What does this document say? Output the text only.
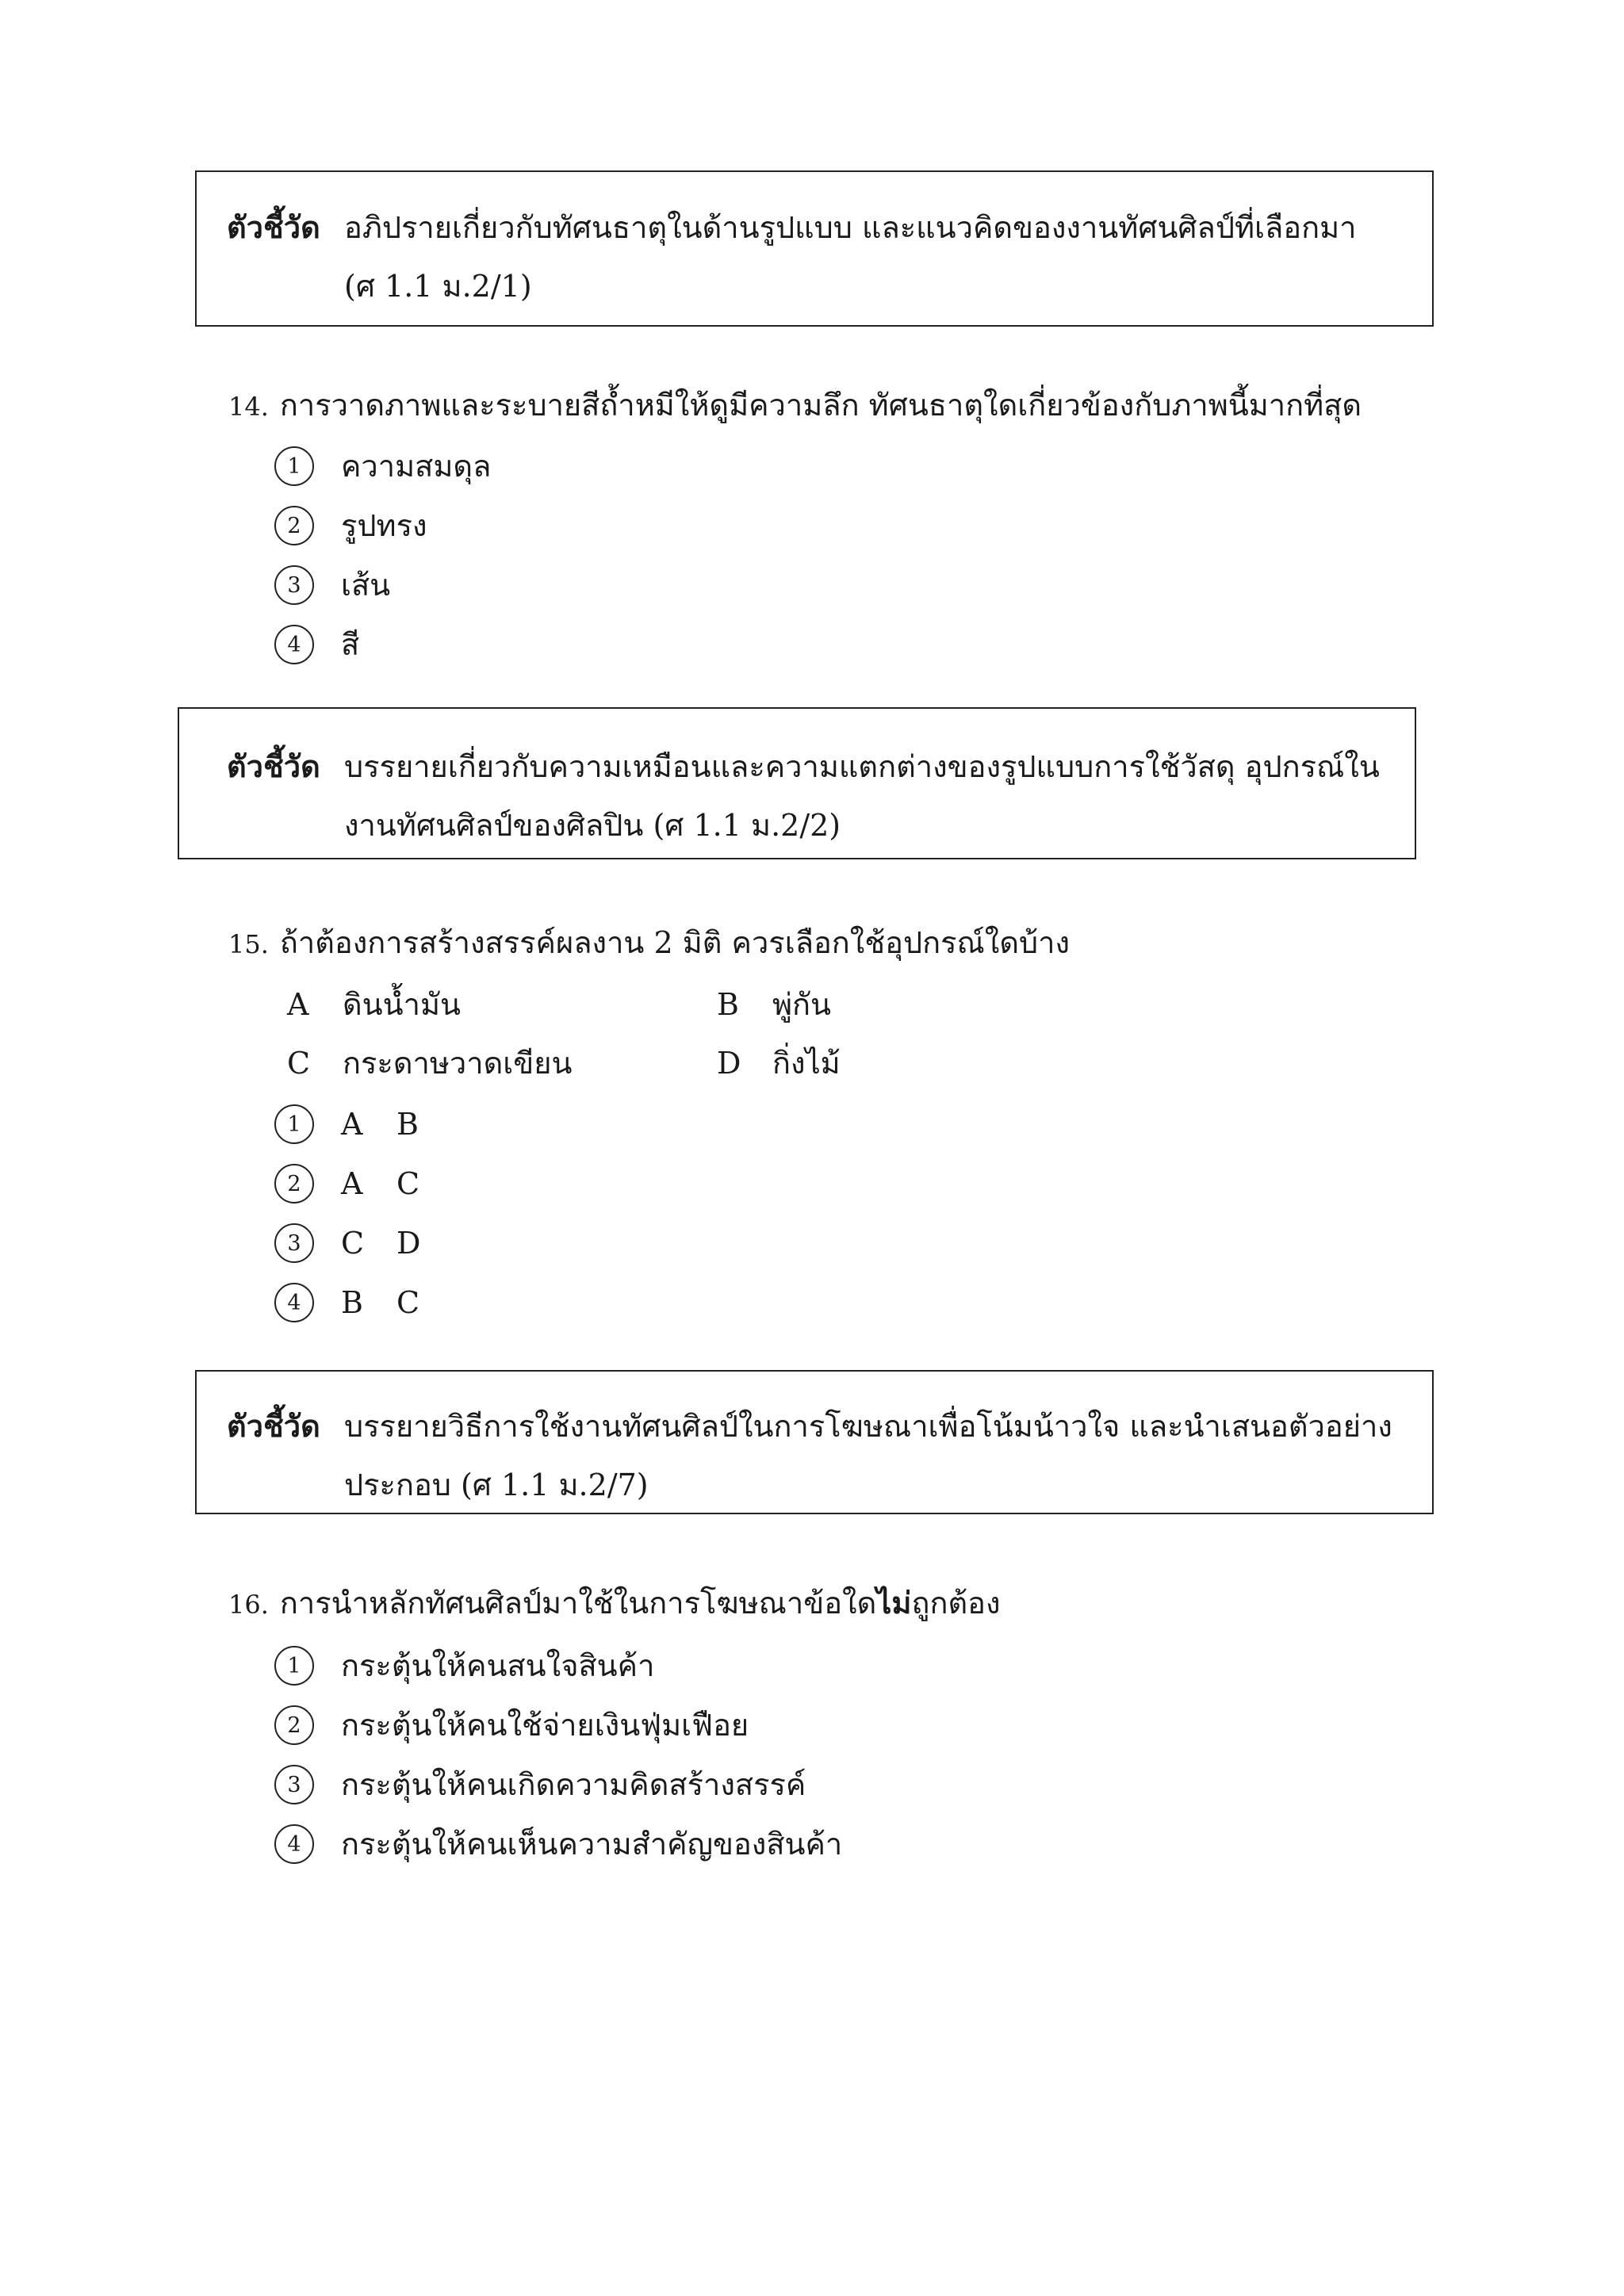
ตัวชี้วัด อภิปรายเกี่ยวกับทัศนธาตุในด้านรูปแบบ และแนวคิดของงานทัศนศิลป์ที่เลือกมา
(ศ 1.1 ม.2/1)
14. การวาดภาพและระบายสีถ้ำหมีให้ดูมีความลึก ทัศนธาตุใดเกี่ยวข้องกับภาพนี้มากที่สุด
1	ความสมดุล
2	รูปทรง
3	เส้น
4	สี
ตัวชี้วัด บรรยายเกี่ยวกับความเหมือนและความแตกต่างของรูปแบบการใช้วัสดุ อุปกรณ์ใน
งานทัศนศิลป์ของศิลปิน (ศ 1.1 ม.2/2)
15. ถ้าต้องการสร้างสรรค์ผลงาน 2 มิติ ควรเลือกใช้อุปกรณ์ใดบ้าง
A	ดินน้ำมัน	B	พู่กัน
C	กระดาษวาดเขียน	D	กิ่งไม้
1	A B
2	A C
3	C D
4	B C
ตัวชี้วัด บรรยายวิธีการใช้งานทัศนศิลป์ในการโฆษณาเพื่อโน้มน้าวใจ และนำเสนอตัวอย่าง
ประกอบ (ศ 1.1 ม.2/7)
16. การนำหลักทัศนศิลป์มาใช้ในการโฆษณาข้อใดไม่ถูกต้อง
1	กระตุ้นให้คนสนใจสินค้า
2	กระตุ้นให้คนใช้จ่ายเงินฟุ่มเฟือย
3	กระตุ้นให้คนเกิดความคิดสร้างสรรค์
4	กระตุ้นให้คนเห็นความสำคัญของสินค้า
